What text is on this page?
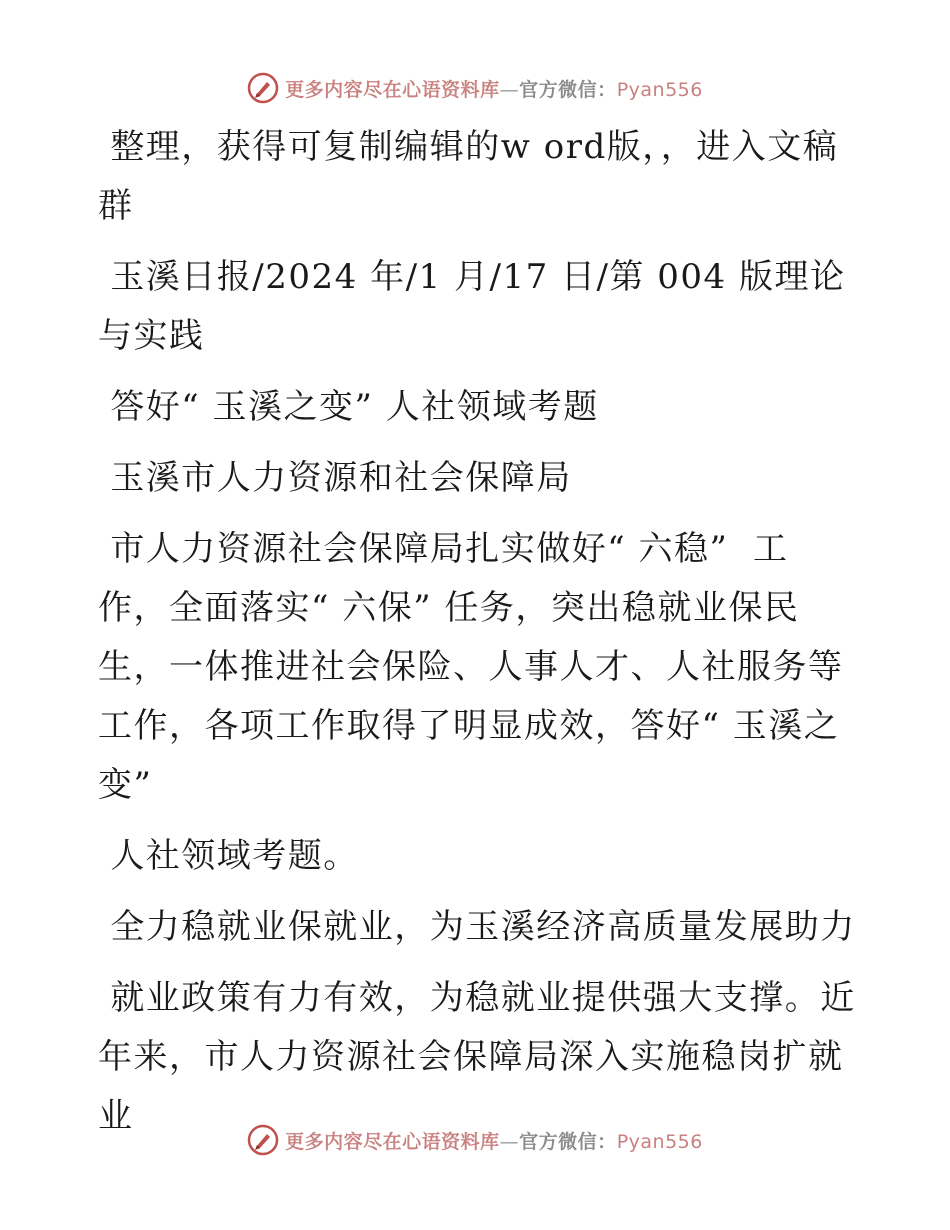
更多内容尽在心语资料库—官方微信：Pyan556

整理，获得可复制编辑的w ord版，，进入文稿群

玉溪日报/2024 年/1 月/17 日/第 004 版理论与实践

答好“ 玉溪之变” 人社领域考题

玉溪市人力资源和社会保障局

市人力资源社会保障局扎实做好“ 六稳”  工作，全面落实“ 六保” 任务，突出稳就业保民生，一体推进社会保险、人事人才、人社服务等工作，各项工作取得了明显成效，答好“ 玉溪之变”

人社领域考题。

全力稳就业保就业，为玉溪经济高质量发展助力

就业政策有力有效，为稳就业提供强大支撑。近年来，市人力资源社会保障局深入实施稳岗扩就业

更多内容尽在心语资料库—官方微信：Pyan556
